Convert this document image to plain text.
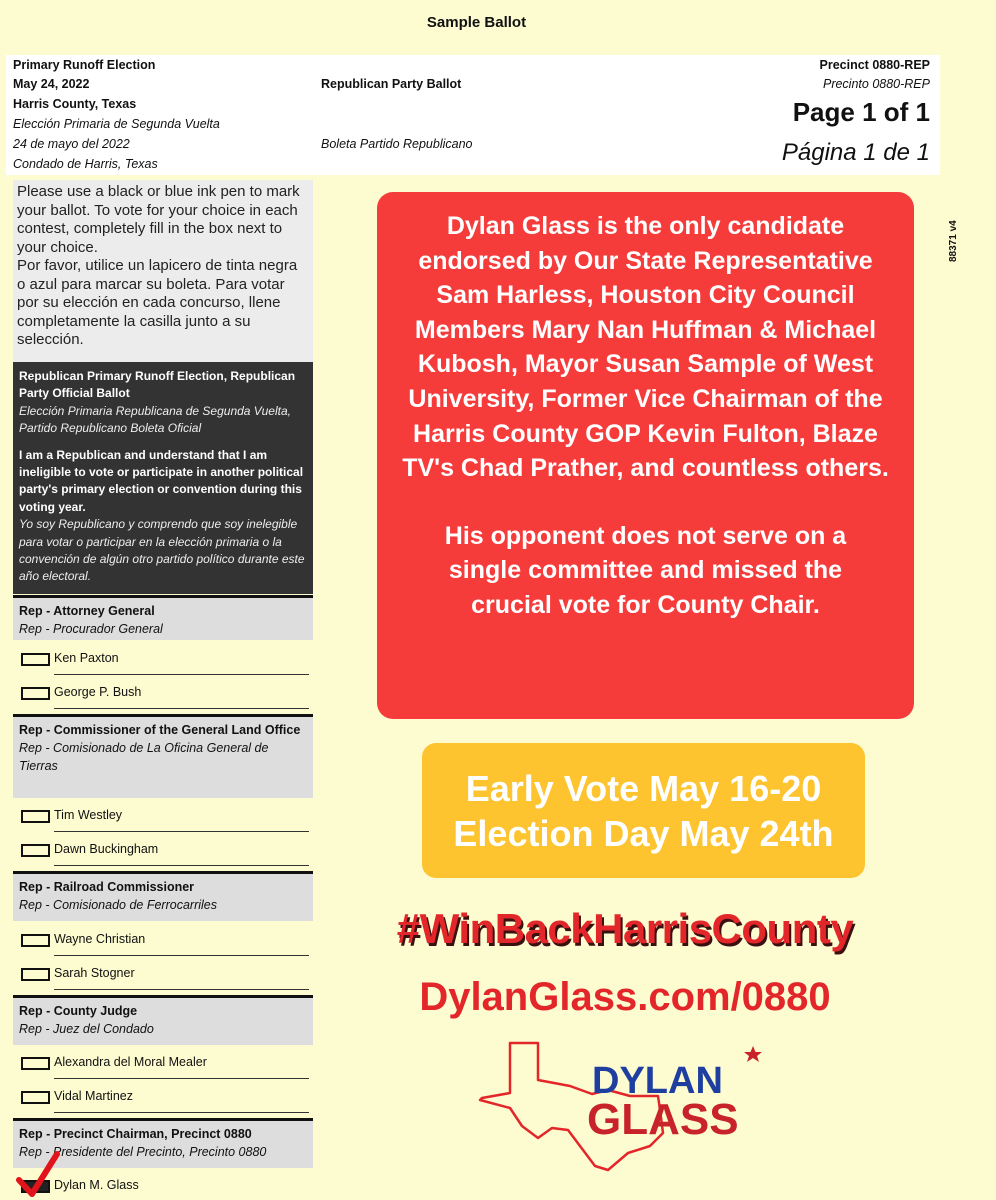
Sample Ballot
Primary Runoff Election
May 24, 2022
Harris County, Texas
Elección Primaria de Segunda Vuelta
24 de mayo del 2022
Condado de Harris, Texas
Republican Party Ballot
Boleta Partido Republicano
Precinct 0880-REP
Precinto 0880-REP
Page 1 of 1
Página 1 de 1
88371 v4
Please use a black or blue ink pen to mark your ballot. To vote for your choice in each contest, completely fill in the box next to your choice.
Por favor, utilice un lapicero de tinta negra o azul para marcar su boleta. Para votar por su elección en cada concurso, llene completamente la casilla junto a su selección.

Republican Primary Runoff Election, Republican Party Official Ballot
Elección Primaria Republicana de Segunda Vuelta, Partido Republicano Boleta Oficial

I am a Republican and understand that I am ineligible to vote or participate in another political party's primary election or convention during this voting year.
Yo soy Republicano y comprendo que soy inelegible para votar o participar en la elección primaria o la convención de algún otro partido político durante este año electoral.

Rep - Attorney General
Rep - Procurador General
Ken Paxton
George P. Bush
Rep - Commissioner of the General Land Office
Rep - Comisionado de La Oficina General de Tierras
Tim Westley
Dawn Buckingham
Rep - Railroad Commissioner
Rep - Comisionado de Ferrocarriles
Wayne Christian
Sarah Stogner
Rep - County Judge
Rep - Juez del Condado
Alexandra del Moral Mealer
Vidal Martinez
Rep - Precinct Chairman, Precinct 0880
Rep - Presidente del Precinto, Precinto 0880
Dylan M. Glass

Dylan Glass is the only candidate endorsed by Our State Representative Sam Harless, Houston City Council Members Mary Nan Huffman & Michael Kubosh, Mayor Susan Sample of West University, Former Vice Chairman of the Harris County GOP Kevin Fulton, Blaze TV's Chad Prather, and countless others.

His opponent does not serve on a single committee and missed the crucial vote for County Chair.

Early Vote May 16-20
Election Day May 24th
#WinBackHarrisCounty
DylanGlass.com/0880
DYLAN
GLASS
